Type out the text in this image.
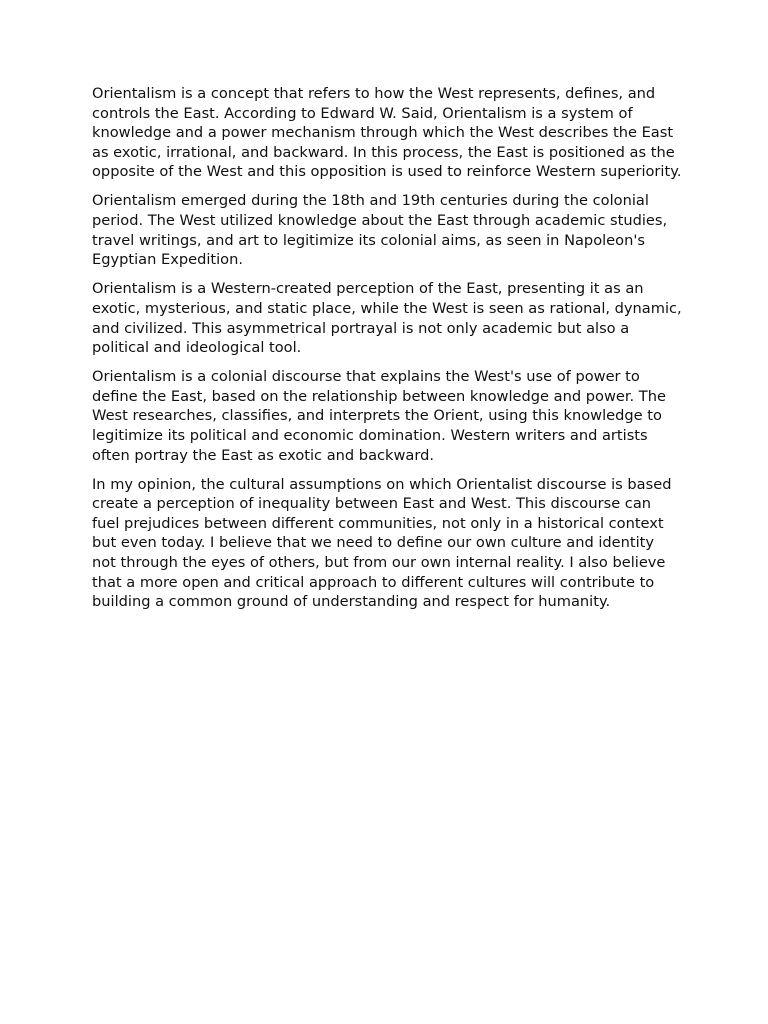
Orientalism is a concept that refers to how the West represents, defines, and controls the East. According to Edward W. Said, Orientalism is a system of knowledge and a power mechanism through which the West describes the East as exotic, irrational, and backward. In this process, the East is positioned as the opposite of the West and this opposition is used to reinforce Western superiority.

Orientalism emerged during the 18th and 19th centuries during the colonial period. The West utilized knowledge about the East through academic studies, travel writings, and art to legitimize its colonial aims, as seen in Napoleon's Egyptian Expedition.

Orientalism is a Western-created perception of the East, presenting it as an exotic, mysterious, and static place, while the West is seen as rational, dynamic, and civilized. This asymmetrical portrayal is not only academic but also a political and ideological tool.

Orientalism is a colonial discourse that explains the West's use of power to define the East, based on the relationship between knowledge and power. The West researches, classifies, and interprets the Orient, using this knowledge to legitimize its political and economic domination. Western writers and artists often portray the East as exotic and backward.

In my opinion, the cultural assumptions on which Orientalist discourse is based create a perception of inequality between East and West. This discourse can fuel prejudices between different communities, not only in a historical context but even today. I believe that we need to define our own culture and identity not through the eyes of others, but from our own internal reality. I also believe that a more open and critical approach to different cultures will contribute to building a common ground of understanding and respect for humanity.
